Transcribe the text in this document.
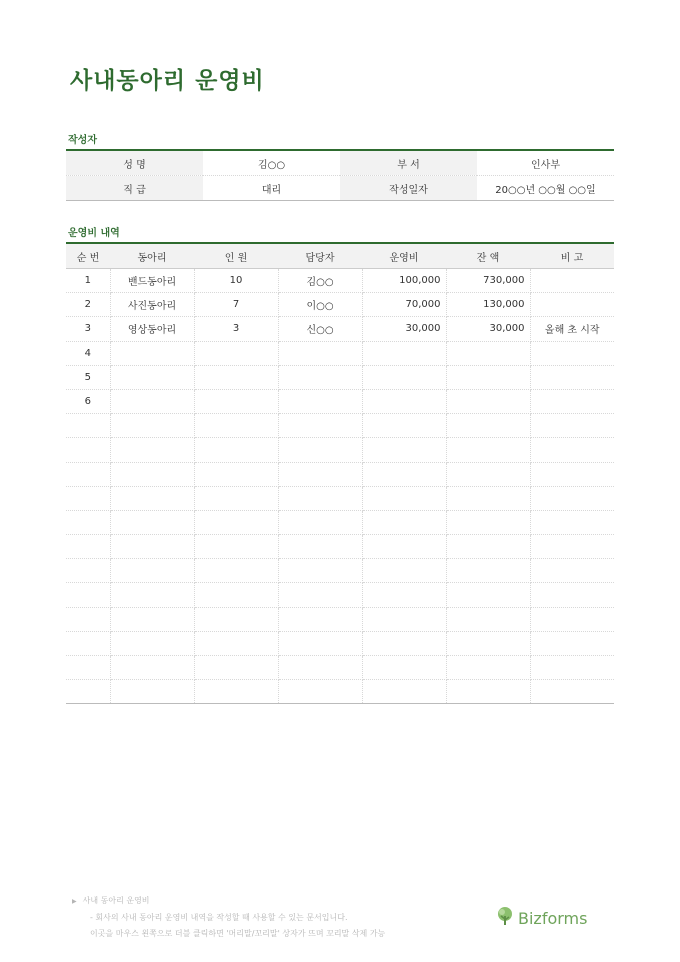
사내동아리 운영비
작성자
성 명	김○○	부 서	인사부
직 급	대리	작성일자	20○○년 ○○월 ○○일
운영비 내역
순 번	동아리	인 원	담당자	운영비	잔 액	비 고
1	밴드동아리	10	김○○	100,000	730,000	
2	사진동아리	7	이○○	70,000	130,000	
3	영상동아리	3	신○○	30,000	30,000	올해 초 시작
4						
5						
6						

▶ 사내 동아리 운영비
- 회사의 사내 동아리 운영비 내역을 작성할 때 사용할 수 있는 문서입니다.
이곳을 마우스 왼쪽으로 더블 클릭하면 '머리말/꼬리말' 상자가 뜨며 꼬리말 삭제 가능
Bizforms
